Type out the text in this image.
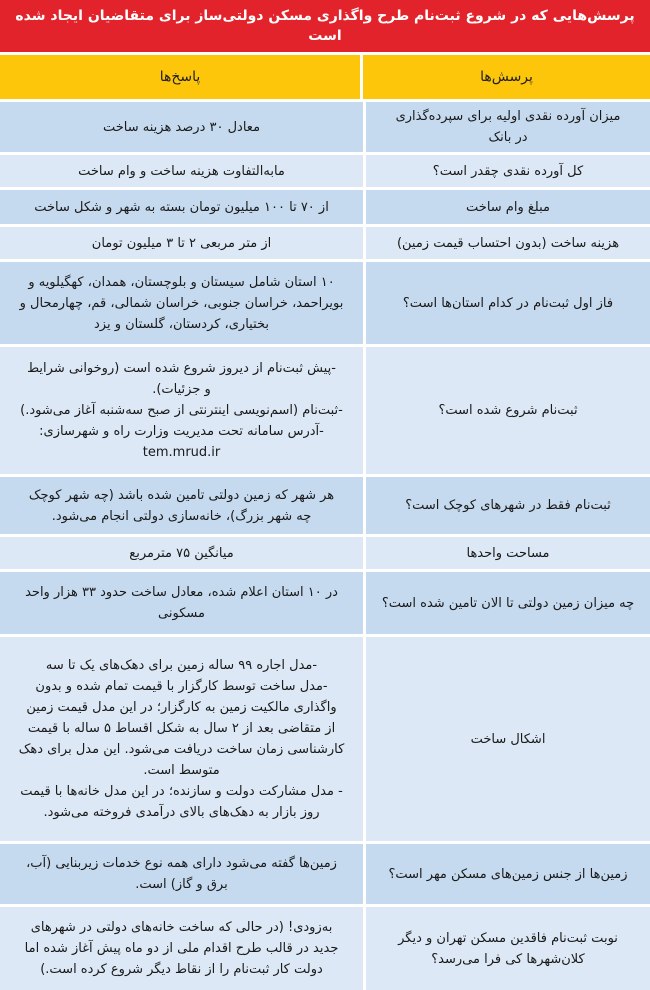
پرسش‌هایی که در شروع ثبت‌نام طرح واگذاری مسکن دولتی‌ساز برای متقاضیان ایجاد شده است
پرسش‌ها
پاسخ‌ها
میزان آورده نقدی اولیه برای سپرده‌گذاری
در بانک
معادل ۳۰ درصد هزینه ساخت
کل آورده نقدی چقدر است؟
مابه‌التفاوت هزینه ساخت و وام ساخت
مبلغ وام ساخت
از ۷۰ تا ۱۰۰ میلیون تومان بسته به شهر و شکل ساخت
هزینه ساخت (بدون احتساب قیمت زمین)
از متر مربعی ۲ تا ۳ میلیون تومان
فاز اول ثبت‌نام در کدام استان‌ها است؟
۱۰ استان شامل سیستان و بلوچستان، همدان، کهگیلویه و
بویراحمد، خراسان جنوبی، خراسان شمالی، قم، چهارمحال و
بختیاری، کردستان، گلستان و یزد
ثبت‌نام شروع شده است؟
-پیش ثبت‌نام از دیروز شروع شده است (روخوانی شرایط
و جزئیات).
-ثبت‌نام (اسم‌نویسی اینترنتی از صبح سه‌شنبه آغاز می‌شود.)
-آدرس سامانه تحت مدیریت وزارت راه و شهرسازی:
tem.mrud.ir
ثبت‌نام فقط در شهرهای کوچک است؟
هر شهر که زمین دولتی تامین شده باشد (چه شهر کوچک
چه شهر بزرگ)، خانه‌سازی دولتی انجام می‌شود.
مساحت واحدها
میانگین ۷۵ مترمربع
چه میزان زمین دولتی تا الان تامین شده است؟
در ۱۰ استان اعلام شده، معادل ساخت حدود ۳۳ هزار واحد
مسکونی
اشکال ساخت
-مدل اجاره ۹۹ ساله زمین برای دهک‌های یک تا سه
-مدل ساخت توسط کارگزار با قیمت تمام شده و بدون
واگذاری مالکیت زمین به کارگزار؛ در این مدل قیمت زمین
از متقاضی بعد از ۲ سال به شکل اقساط ۵ ساله با قیمت
کارشناسی زمان ساخت دریافت می‌شود. این مدل برای دهک
متوسط است.
- مدل مشارکت دولت و سازنده؛ در این مدل خانه‌ها با قیمت
روز بازار به دهک‌های بالای درآمدی فروخته می‌شود.
زمین‌ها از جنس زمین‌های مسکن مهر است؟
زمین‌ها گفته می‌شود دارای همه نوع خدمات زیربنایی (آب،
برق و گاز) است.
نوبت ثبت‌نام فاقدین مسکن تهران و دیگر
کلان‌شهرها کی فرا می‌رسد؟
به‌زودی! (در حالی که ساخت خانه‌های دولتی در شهرهای
جدید در قالب طرح اقدام ملی از دو ماه پیش آغاز شده اما
دولت کار ثبت‌نام را از نقاط دیگر شروع کرده است.)
